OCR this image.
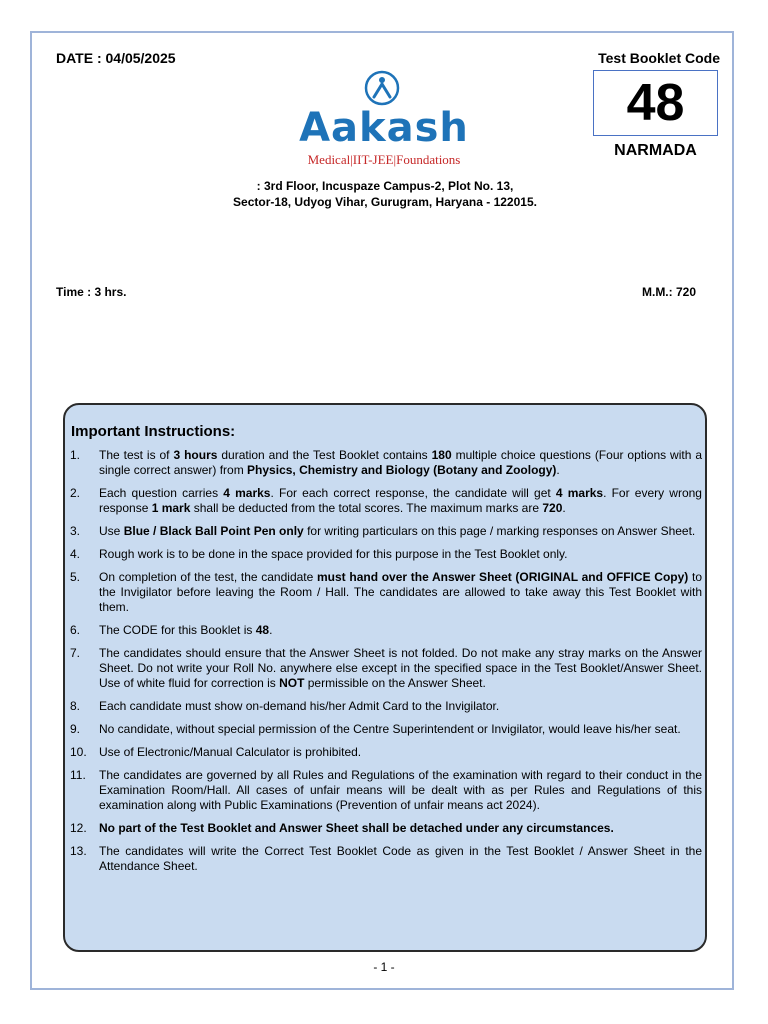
DATE : 04/05/2025	Test Booklet Code
48
NARMADA
Aakash
Medical|IIT-JEE|Foundations
: 3rd Floor, Incuspaze Campus-2, Plot No. 13,
Sector-18, Udyog Vihar, Gurugram, Haryana - 122015.
Time : 3 hrs.	M.M.: 720
Important Instructions:
1.	The test is of 3 hours duration and the Test Booklet contains 180 multiple choice questions (Four options with a single correct answer) from Physics, Chemistry and Biology (Botany and Zoology).
2.	Each question carries 4 marks. For each correct response, the candidate will get 4 marks. For every wrong response 1 mark shall be deducted from the total scores. The maximum marks are 720.
3.	Use Blue / Black Ball Point Pen only for writing particulars on this page / marking responses on Answer Sheet.
4.	Rough work is to be done in the space provided for this purpose in the Test Booklet only.
5.	On completion of the test, the candidate must hand over the Answer Sheet (ORIGINAL and OFFICE Copy) to the Invigilator before leaving the Room / Hall. The candidates are allowed to take away this Test Booklet with them.
6.	The CODE for this Booklet is 48.
7.	The candidates should ensure that the Answer Sheet is not folded. Do not make any stray marks on the Answer Sheet. Do not write your Roll No. anywhere else except in the specified space in the Test Booklet/Answer Sheet. Use of white fluid for correction is NOT permissible on the Answer Sheet.
8.	Each candidate must show on-demand his/her Admit Card to the Invigilator.
9.	No candidate, without special permission of the Centre Superintendent or Invigilator, would leave his/her seat.
10.	Use of Electronic/Manual Calculator is prohibited.
11.	The candidates are governed by all Rules and Regulations of the examination with regard to their conduct in the Examination Room/Hall. All cases of unfair means will be dealt with as per Rules and Regulations of this examination along with Public Examinations (Prevention of unfair means act 2024).
12.	No part of the Test Booklet and Answer Sheet shall be detached under any circumstances.
13.	The candidates will write the Correct Test Booklet Code as given in the Test Booklet / Answer Sheet in the Attendance Sheet.
- 1 -
